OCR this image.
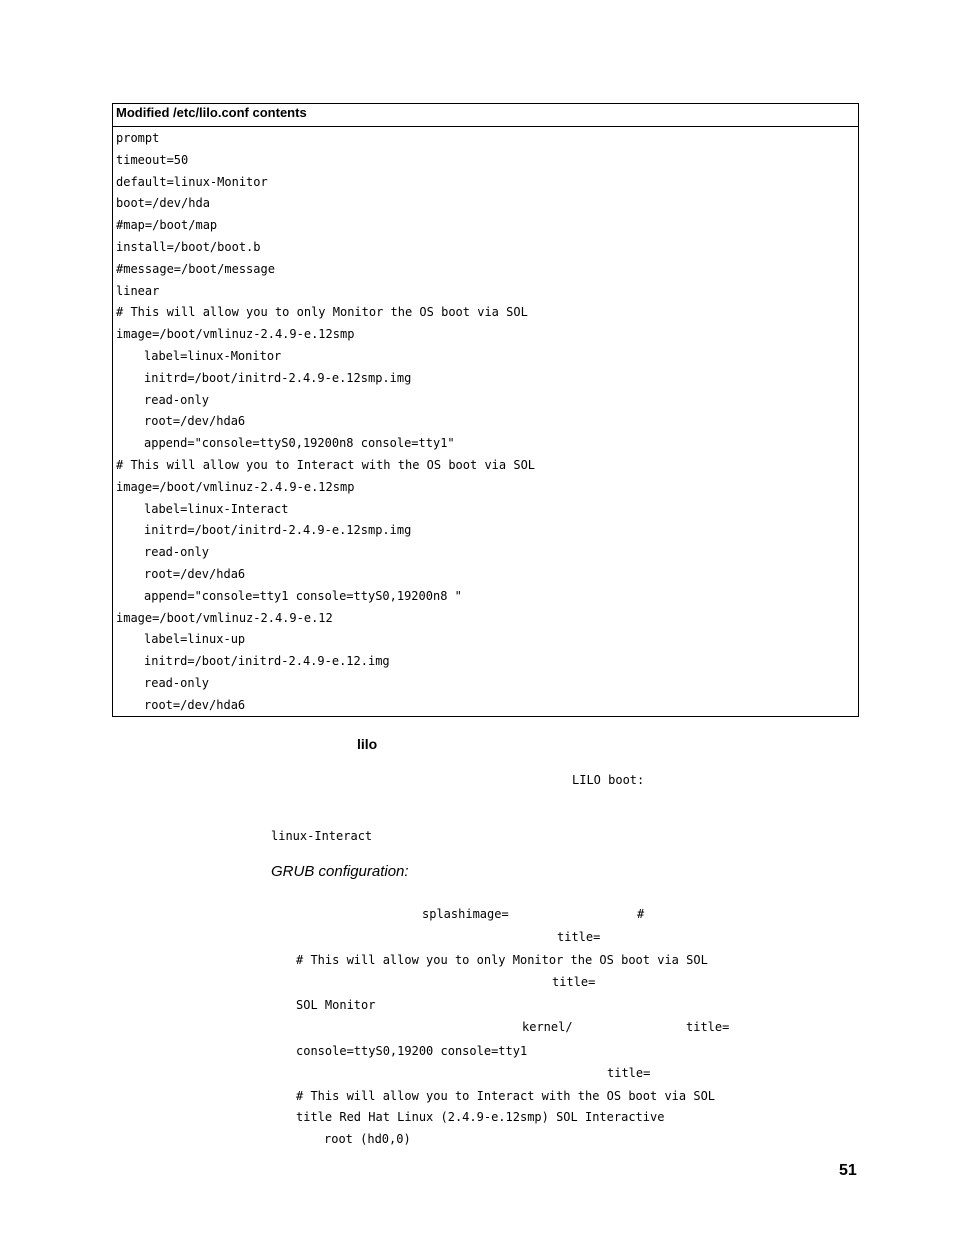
Modified /etc/lilo.conf contents
prompt
timeout=50
default=linux-Monitor
boot=/dev/hda
#map=/boot/map
install=/boot/boot.b
#message=/boot/message
linear
# This will allow you to only Monitor the OS boot via SOL
image=/boot/vmlinuz-2.4.9-e.12smp
label=linux-Monitor
initrd=/boot/initrd-2.4.9-e.12smp.img
read-only
root=/dev/hda6
append="console=ttyS0,19200n8 console=tty1"
# This will allow you to Interact with the OS boot via SOL
image=/boot/vmlinuz-2.4.9-e.12smp
label=linux-Interact
initrd=/boot/initrd-2.4.9-e.12smp.img
read-only
root=/dev/hda6
append="console=tty1 console=ttyS0,19200n8 "
image=/boot/vmlinuz-2.4.9-e.12
label=linux-up
initrd=/boot/initrd-2.4.9-e.12.img
read-only
root=/dev/hda6
lilo
LILO boot:
linux-Interact
GRUB configuration:
splashimage=	#
title=
# This will allow you to only Monitor the OS boot via SOL
title=
SOL Monitor
kernel/	title=
console=ttyS0,19200 console=tty1
title=
# This will allow you to Interact with the OS boot via SOL
title Red Hat Linux (2.4.9-e.12smp) SOL Interactive
root (hd0,0)
51
